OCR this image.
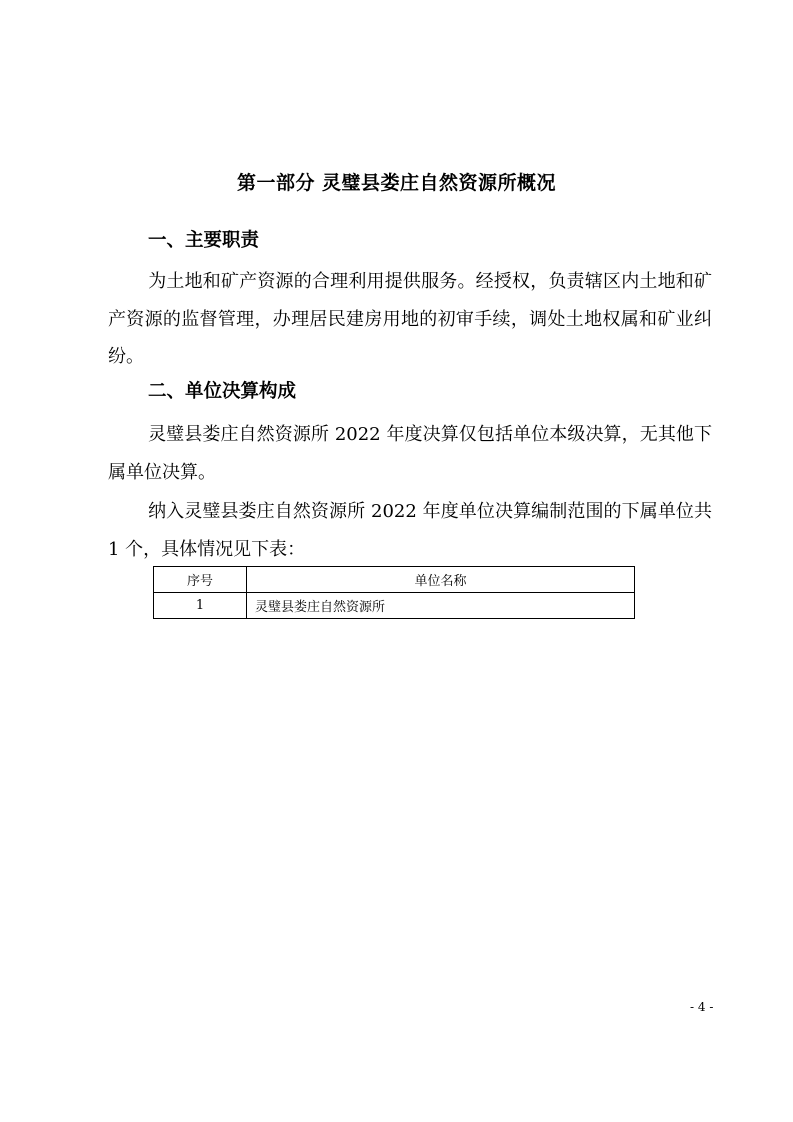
第一部分 灵璧县娄庄自然资源所概况
一、主要职责

为土地和矿产资源的合理利用提供服务。经授权，负责辖区内土地和矿产资源的监督管理，办理居民建房用地的初审手续，调处土地权属和矿业纠纷。

二、单位决算构成

灵璧县娄庄自然资源所 2022 年度决算仅包括单位本级决算，无其他下属单位决算。

纳入灵璧县娄庄自然资源所 2022 年度单位决算编制范围的下属单位共 1 个，具体情况见下表：

序号	单位名称
1	灵璧县娄庄自然资源所
- 4 -
